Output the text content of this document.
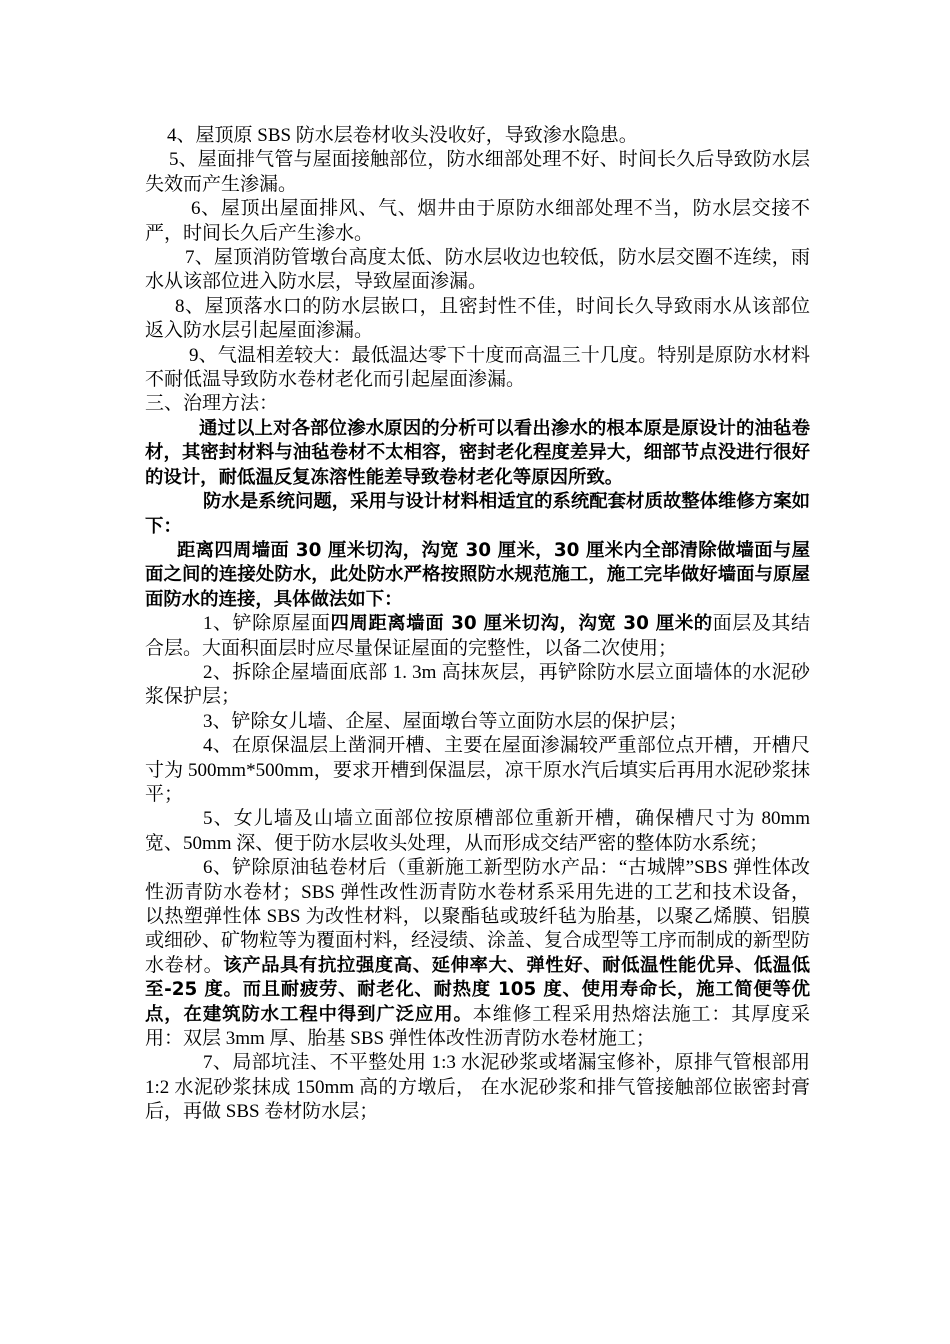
4、屋顶原 SBS 防水层卷材收头没收好，导致渗水隐患。

5、屋面排气管与屋面接触部位，防水细部处理不好、时间长久后导致防水层失效而产生渗漏。

6、屋顶出屋面排风、气、烟井由于原防水细部处理不当，防水层交接不严，时间长久后产生渗水。

7、屋顶消防管墩台高度太低、防水层收边也较低，防水层交圈不连续，雨水从该部位进入防水层，导致屋面渗漏。

8、屋顶落水口的防水层嵌口，且密封性不佳，时间长久导致雨水从该部位返入防水层引起屋面渗漏。

9、气温相差较大：最低温达零下十度而高温三十几度。特别是原防水材料不耐低温导致防水卷材老化而引起屋面渗漏。

三、治理方法：

通过以上对各部位渗水原因的分析可以看出渗水的根本原是原设计的油毡卷材，其密封材料与油毡卷材不太相容，密封老化程度差异大，细部节点没进行很好的设计，耐低温反复冻溶性能差导致卷材老化等原因所致。

防水是系统问题，采用与设计材料相适宜的系统配套材质故整体维修方案如下：

距离四周墙面 30 厘米切沟，沟宽 30 厘米，30 厘米内全部清除做墙面与屋面之间的连接处防水，此处防水严格按照防水规范施工，施工完毕做好墙面与原屋面防水的连接，具体做法如下：

1、铲除原屋面四周距离墙面 30 厘米切沟，沟宽 30 厘米的面层及其结合层。大面积面层时应尽量保证屋面的完整性，以备二次使用；

2、拆除企屋墙面底部 1. 3m 高抹灰层，再铲除防水层立面墙体的水泥砂浆保护层；

3、铲除女儿墙、企屋、屋面墩台等立面防水层的保护层；

4、在原保温层上凿洞开槽、主要在屋面渗漏较严重部位点开槽，开槽尺寸为 500mm*500mm，要求开槽到保温层，凉干原水汽后填实后再用水泥砂浆抹平；

5、女儿墙及山墙立面部位按原槽部位重新开槽，确保槽尺寸为 80mm 宽、50mm 深、便于防水层收头处理，从而形成交结严密的整体防水系统；

6、铲除原油毡卷材后（重新施工新型防水产品：“古城牌”SBS 弹性体改性沥青防水卷材；SBS 弹性改性沥青防水卷材系采用先进的工艺和技术设备，以热塑弹性体 SBS 为改性材料，以聚酯毡或玻纤毡为胎基，以聚乙烯膜、铝膜或细砂、矿物粒等为覆面村料，经浸绩、涂盖、复合成型等工序而制成的新型防水卷材。该产品具有抗拉强度高、延伸率大、弹性好、耐低温性能优异、低温低至-25 度。而且耐疲劳、耐老化、耐热度 105 度、使用寿命长，施工简便等优点，在建筑防水工程中得到广泛应用。本维修工程采用热熔法施工：其厚度采用：双层 3mm 厚、胎基 SBS 弹性体改性沥青防水卷材施工；

7、局部坑洼、不平整处用 1:3 水泥砂浆或堵漏宝修补，原排气管根部用 1:2 水泥砂浆抹成 150mm 高的方墩后， 在水泥砂浆和排气管接触部位嵌密封膏后，再做 SBS 卷材防水层；
